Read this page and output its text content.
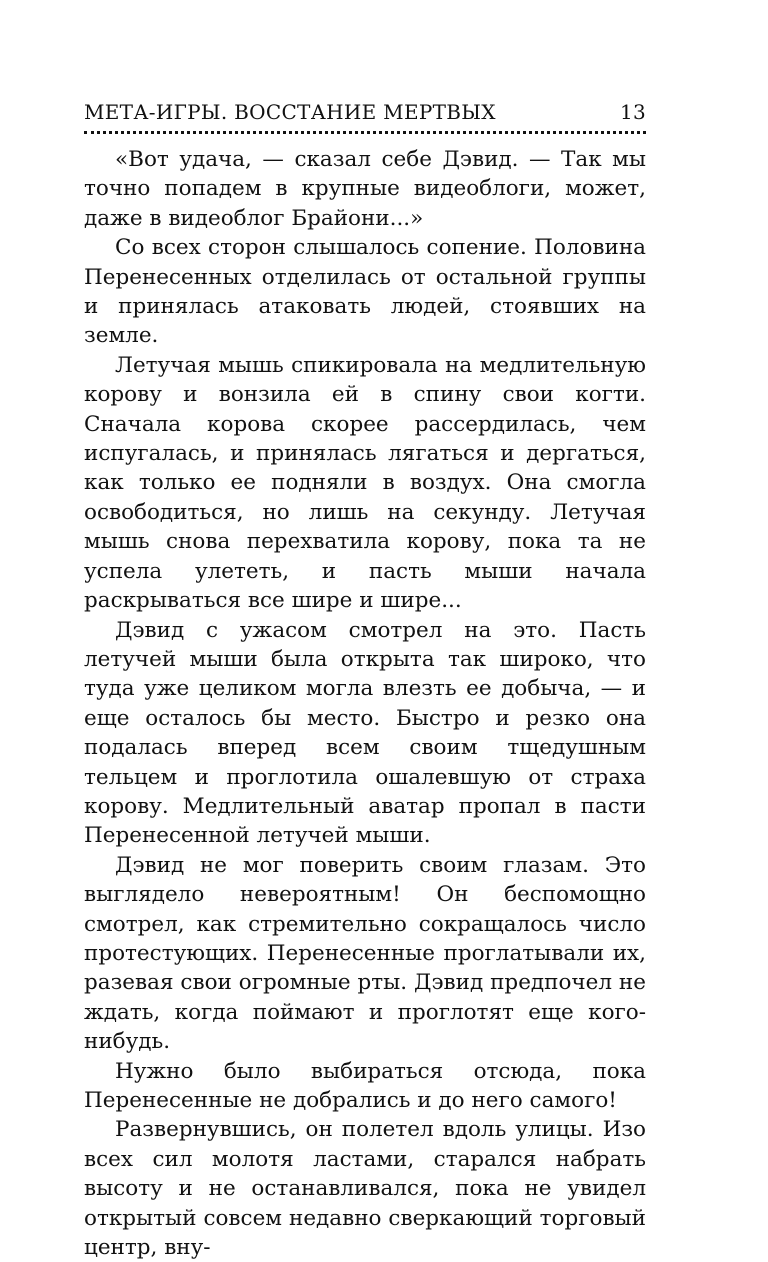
МЕТА-ИГРЫ. ВОССТАНИЕ МЕРТВЫХ	13

«Вот удача, — сказал себе Дэвид. — Так мы точно попадем в крупные видеоблоги, может, даже в видеоблог Брайони...»

Со всех сторон слышалось сопение. Половина Перенесенных отделилась от остальной группы и принялась атаковать людей, стоявших на земле.

Летучая мышь спикировала на медлительную корову и вонзила ей в спину свои когти. Сначала корова скорее рассердилась, чем испугалась, и принялась лягаться и дергаться, как только ее подняли в воздух. Она смогла освободиться, но лишь на секунду. Летучая мышь снова перехватила корову, пока та не успела улететь, и пасть мыши начала раскрываться все шире и шире...

Дэвид с ужасом смотрел на это. Пасть летучей мыши была открыта так широко, что туда уже целиком могла влезть ее добыча, — и еще осталось бы место. Быстро и резко она подалась вперед всем своим тщедушным тельцем и проглотила ошалевшую от страха корову. Медлительный аватар пропал в пасти Перенесенной летучей мыши.

Дэвид не мог поверить своим глазам. Это выглядело невероятным! Он беспомощно смотрел, как стремительно сокращалось число протестующих. Перенесенные проглатывали их, разевая свои огромные рты. Дэвид предпочел не ждать, когда поймают и проглотят еще кого-нибудь.

Нужно было выбираться отсюда, пока Перенесенные не добрались и до него самого!

Развернувшись, он полетел вдоль улицы. Изо всех сил молотя ластами, старался набрать высоту и не останавливался, пока не увидел открытый совсем недавно сверкающий торговый центр, вну-
